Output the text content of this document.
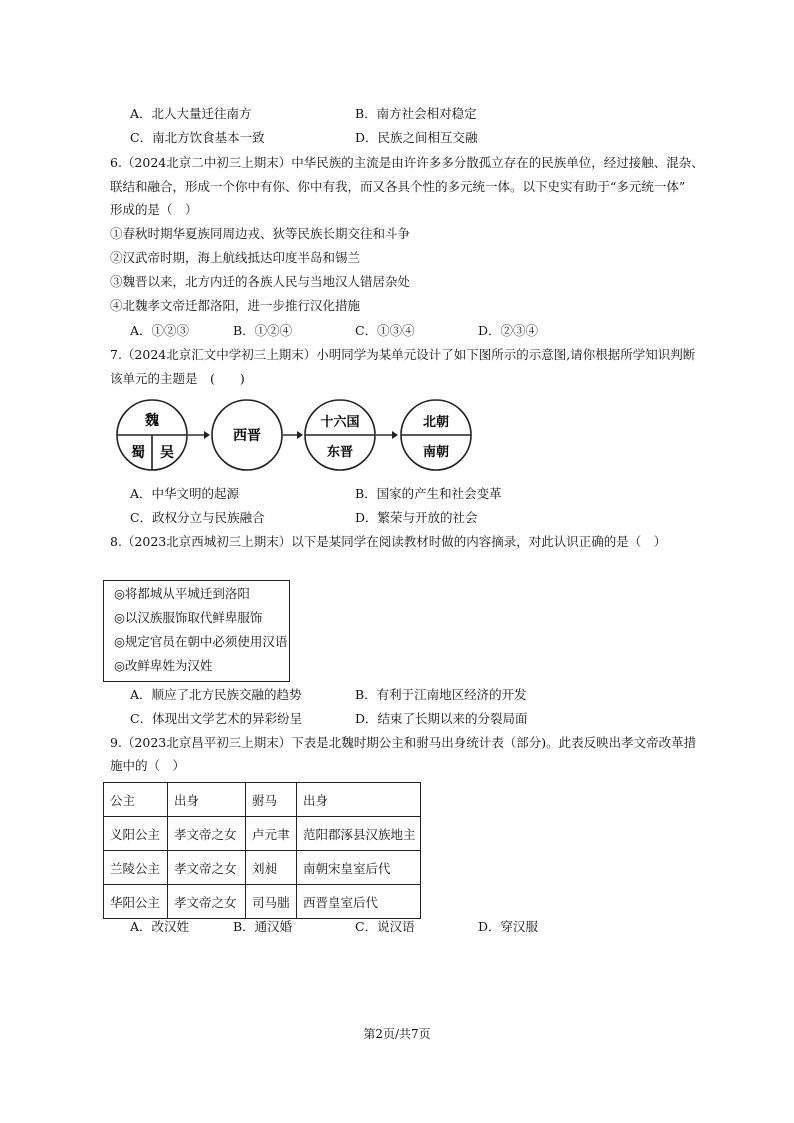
A．北人大量迁往南方	B．南方社会相对稳定
C．南北方饮食基本一致	D．民族之间相互交融
6.（2024北京二中初三上期末）中华民族的主流是由许许多多分散孤立存在的民族单位，经过接触、混杂、
联结和融合，形成一个你中有你、你中有我，而又各具个性的多元统一体。以下史实有助于“多元统一体”
形成的是（　）
①春秋时期华夏族同周边戎、狄等民族长期交往和斗争
②汉武帝时期，海上航线抵达印度半岛和锡兰
③魏晋以来，北方内迁的各族人民与当地汉人错居杂处
④北魏孝文帝迁都洛阳，进一步推行汉化措施
A．①②③	B．①②④	C．①③④	D．②③④
7.（2024北京汇文中学初三上期末）小明同学为某单元设计了如下图所示的示意图,请你根据所学知识判断
该单元的主题是　(　　)
魏
蜀 吴
西晋
十六国
东晋
北朝
南朝
A．中华文明的起源	B．国家的产生和社会变革
C．政权分立与民族融合	D．繁荣与开放的社会
8.（2023北京西城初三上期末）以下是某同学在阅读教材时做的内容摘录，对此认识正确的是（　）
◎将都城从平城迁到洛阳
◎以汉族服饰取代鲜卑服饰
◎规定官员在朝中必须使用汉语
◎改鲜卑姓为汉姓
A．顺应了北方民族交融的趋势	B．有利于江南地区经济的开发
C．体现出文学艺术的异彩纷呈	D．结束了长期以来的分裂局面
9.（2023北京昌平初三上期末）下表是北魏时期公主和驸马出身统计表（部分)。此表反映出孝文帝改革措
施中的（　）
公主	出身	驸马	出身
义阳公主	孝文帝之女	卢元聿	范阳郡涿县汉族地主
兰陵公主	孝文帝之女	刘昶	南朝宋皇室后代
华阳公主	孝文帝之女	司马朏	西晋皇室后代
A．改汉姓	B．通汉婚	C．说汉语	D．穿汉服
第2页/共7页
